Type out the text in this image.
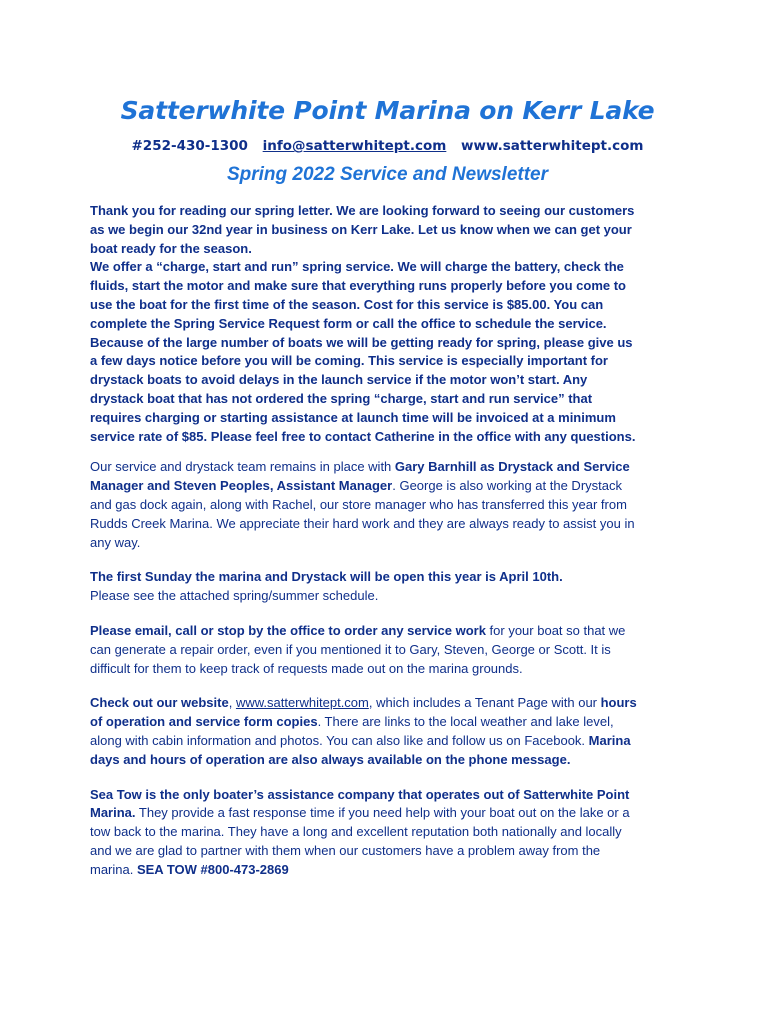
Satterwhite Point Marina on Kerr Lake
#252-430-1300 info@satterwhitept.com www.satterwhitept.com
Spring 2022 Service and Newsletter

Thank you for reading our spring letter. We are looking forward to seeing our customers
as we begin our 32nd year in business on Kerr Lake. Let us know when we can get your
boat ready for the season.
We offer a “charge, start and run” spring service. We will charge the battery, check the
fluids, start the motor and make sure that everything runs properly before you come to
use the boat for the first time of the season. Cost for this service is $85.00. You can
complete the Spring Service Request form or call the office to schedule the service.
Because of the large number of boats we will be getting ready for spring, please give us
a few days notice before you will be coming. This service is especially important for
drystack boats to avoid delays in the launch service if the motor won’t start. Any
drystack boat that has not ordered the spring “charge, start and run service” that
requires charging or starting assistance at launch time will be invoiced at a minimum
service rate of $85. Please feel free to contact Catherine in the office with any questions.

Our service and drystack team remains in place with Gary Barnhill as Drystack and Service
Manager and Steven Peoples, Assistant Manager. George is also working at the Drystack
and gas dock again, along with Rachel, our store manager who has transferred this year from
Rudds Creek Marina. We appreciate their hard work and they are always ready to assist you in
any way.

The first Sunday the marina and Drystack will be open this year is April 10th.
Please see the attached spring/summer schedule.

Please email, call or stop by the office to order any service work for your boat so that we
can generate a repair order, even if you mentioned it to Gary, Steven, George or Scott. It is
difficult for them to keep track of requests made out on the marina grounds.

Check out our website, www.satterwhitept.com, which includes a Tenant Page with our hours
of operation and service form copies. There are links to the local weather and lake level,
along with cabin information and photos. You can also like and follow us on Facebook. Marina
days and hours of operation are also always available on the phone message.

Sea Tow is the only boater’s assistance company that operates out of Satterwhite Point
Marina. They provide a fast response time if you need help with your boat out on the lake or a
tow back to the marina. They have a long and excellent reputation both nationally and locally
and we are glad to partner with them when our customers have a problem away from the
marina. SEA TOW #800-473-2869
